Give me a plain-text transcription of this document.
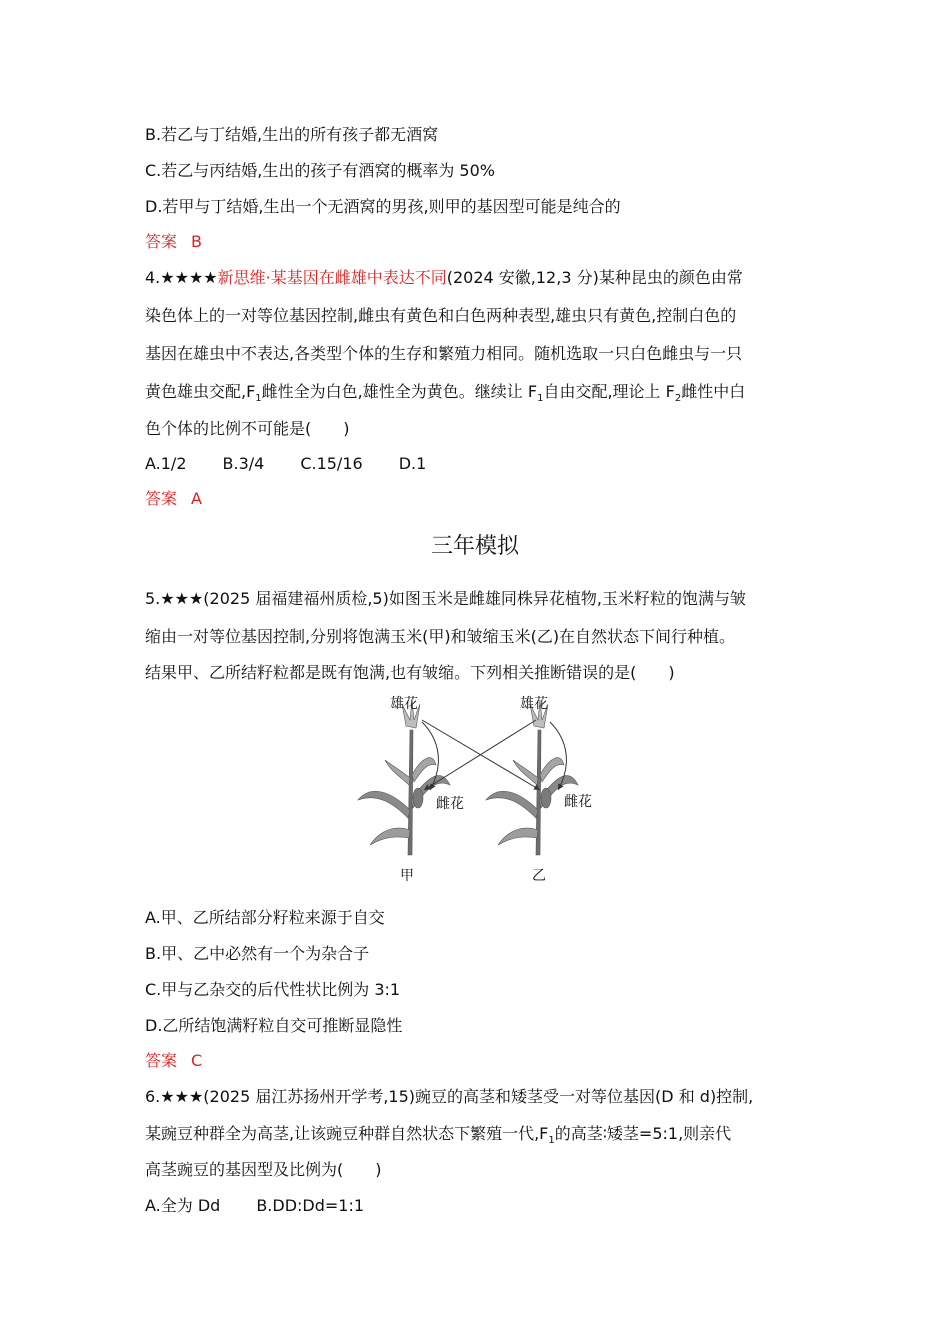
B.若乙与丁结婚,生出的所有孩子都无酒窝
C.若乙与丙结婚,生出的孩子有酒窝的概率为 50%
D.若甲与丁结婚,生出一个无酒窝的男孩,则甲的基因型可能是纯合的
答案 B
4.★★★★新思维·某基因在雌雄中表达不同(2024 安徽,12,3 分)某种昆虫的颜色由常
染色体上的一对等位基因控制,雌虫有黄色和白色两种表型,雄虫只有黄色,控制白色的
基因在雄虫中不表达,各类型个体的生存和繁殖力相同。随机选取一只白色雌虫与一只
黄色雄虫交配$,F_1$雌性全为白色,雄性全为黄色。继续让 $F_1$自由交配,理论上 $F_2$雌性中白
色个体的比例不可能是(　　)
A.1/2 B.3/4 C.15/16 D.1
答案 A
三年模拟
5.★★★(2025 届福建福州质检,5)如图玉米是雌雄同株异花植物,玉米籽粒的饱满与皱
缩由一对等位基因控制,分别将饱满玉米(甲)和皱缩玉米(乙)在自然状态下间行种植。
结果甲、乙所结籽粒都是既有饱满,也有皱缩。下列相关推断错误的是(　　)
雄花	雄花
雌花	雌花
甲	乙
A.甲、乙所结部分籽粒来源于自交
B.甲、乙中必然有一个为杂合子
C.甲与乙杂交的后代性状比例为 3:1
D.乙所结饱满籽粒自交可推断显隐性
答案 C
6.★★★(2025 届江苏扬州开学考,15)豌豆的高茎和矮茎受一对等位基因(D 和 d)控制,
某豌豆种群全为高茎,让该豌豆种群自然状态下繁殖一代$,F_1$的高茎∶矮茎=5:1,则亲代
高茎豌豆的基因型及比例为(　　)
A.全为 Dd B.DD:Dd=1:1
